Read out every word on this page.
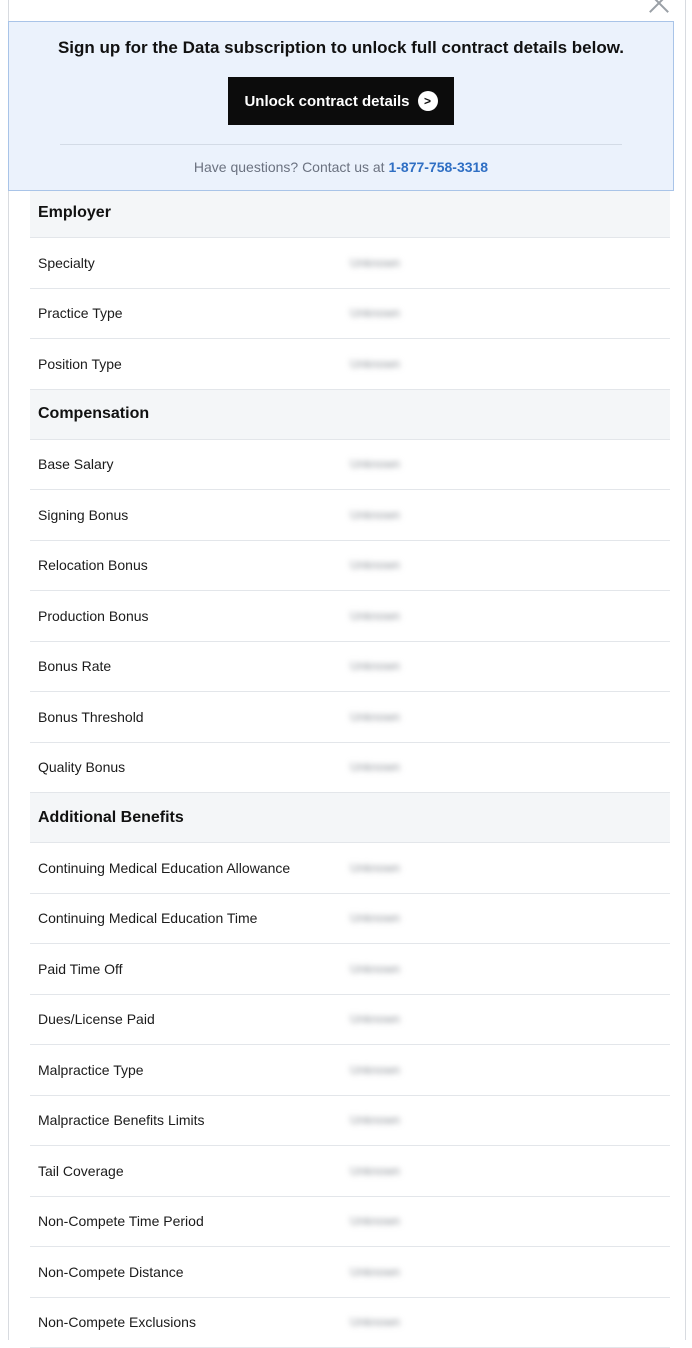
Employer
Specialty	Unknown
Practice Type	Unknown
Position Type	Unknown
Compensation
Base Salary	Unknown
Signing Bonus	Unknown
Relocation Bonus	Unknown
Production Bonus	Unknown
Bonus Rate	Unknown
Bonus Threshold	Unknown
Quality Bonus	Unknown
Additional Benefits
Continuing Medical Education Allowance	Unknown
Continuing Medical Education Time	Unknown
Paid Time Off	Unknown
Dues/License Paid	Unknown
Malpractice Type	Unknown
Malpractice Benefits Limits	Unknown
Tail Coverage	Unknown
Non-Compete Time Period	Unknown
Non-Compete Distance	Unknown
Non-Compete Exclusions	Unknown
Sign up for the Data subscription to unlock full contract details below.
Unlock contract details	>
Have questions? Contact us at 1-877-758-3318
